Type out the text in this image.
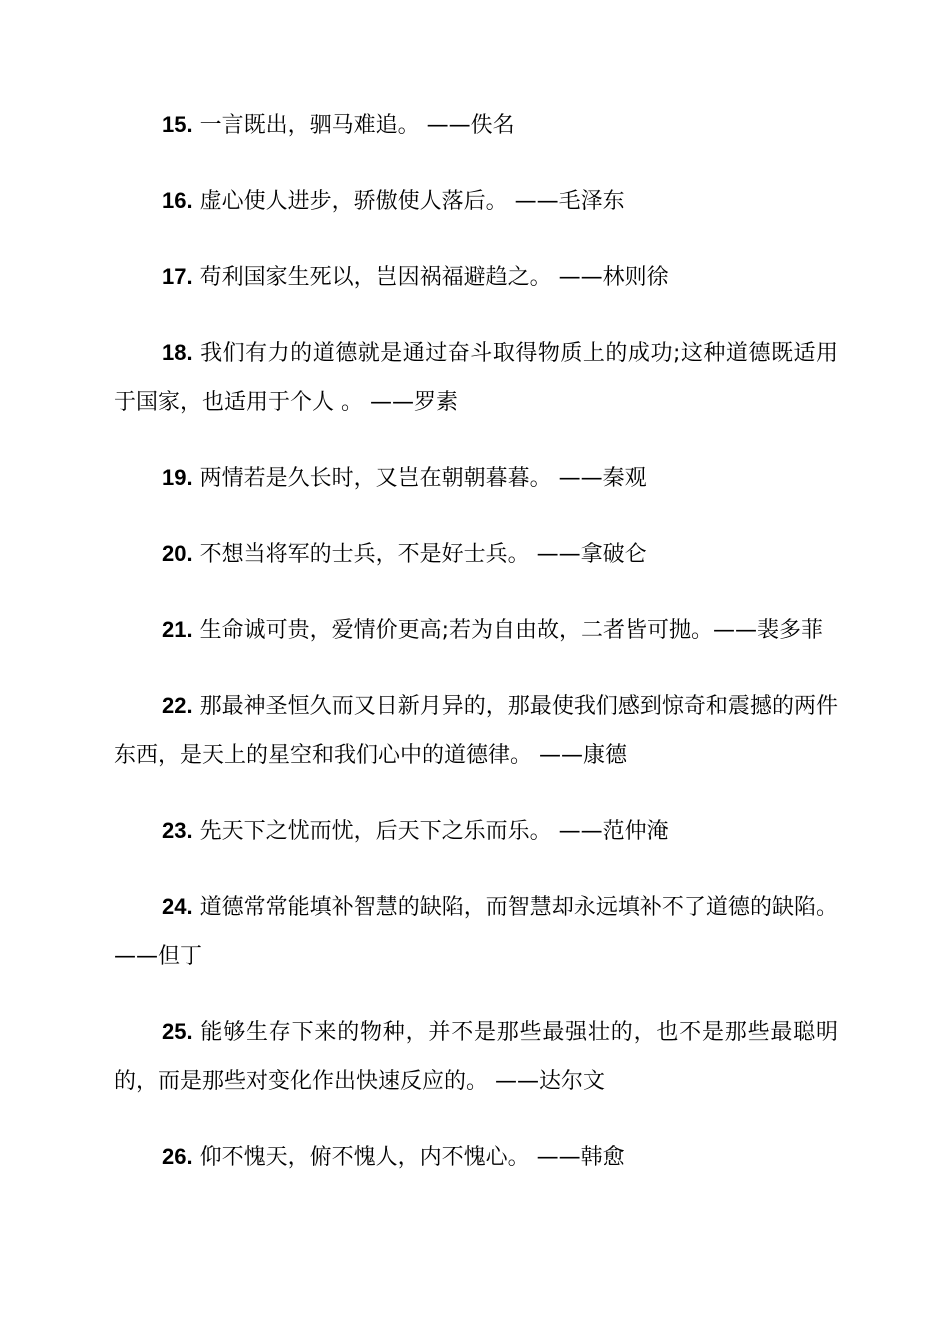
15. 一言既出，驷马难追。 ——佚名

16. 虚心使人进步，骄傲使人落后。 ——毛泽东

17. 苟利国家生死以，岂因祸福避趋之。 ——林则徐

18. 我们有力的道德就是通过奋斗取得物质上的成功;这种道德既适用于国家，也适用于个人 。 ——罗素

19. 两情若是久长时，又岂在朝朝暮暮。 ——秦观

20. 不想当将军的士兵，不是好士兵。 ——拿破仑

21. 生命诚可贵，爱情价更高;若为自由故，二者皆可抛。——裴多菲

22. 那最神圣恒久而又日新月异的，那最使我们感到惊奇和震撼的两件东西，是天上的星空和我们心中的道德律。 ——康德

23. 先天下之忧而忧，后天下之乐而乐。 ——范仲淹

24. 道德常常能填补智慧的缺陷，而智慧却永远填补不了道德的缺陷。 ——但丁

25. 能够生存下来的物种，并不是那些最强壮的，也不是那些最聪明的，而是那些对变化作出快速反应的。 ——达尔文

26. 仰不愧天，俯不愧人，内不愧心。 ——韩愈
